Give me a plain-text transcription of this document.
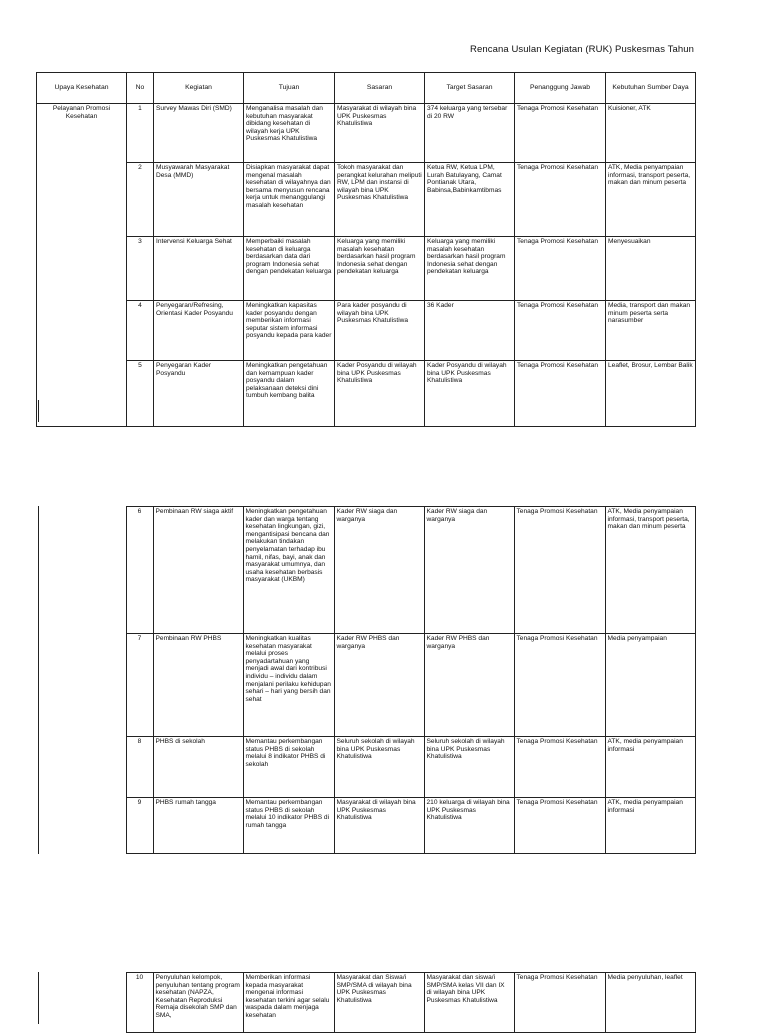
Rencana Usulan Kegiatan (RUK) Puskesmas Tahun
Upaya Kesehatan	No	Kegiatan	Tujuan	Sasaran	Target Sasaran	Penanggung Jawab	Kebutuhan Sumber Daya
Pelayanan Promosi Kesehatan	1	Survey Mawas Diri (SMD)	Menganalisa masalah dan kebutuhan masyarakat dibidang kesehatan di wilayah kerja UPK Puskesmas Khatulistiwa	Masyarakat di wilayah bina UPK Puskesmas Khatulistiwa	374 keluarga yang tersebar di 20 RW	Tenaga Promosi Kesehatan	Kuisioner, ATK
	2	Musyawarah Masyarakat Desa (MMD)	Disiapkan masyarakat dapat mengenal masalah kesehatan di wilayahnya dan bersama menyusun rencana kerja untuk menanggulangi masalah kesehatan	Tokoh masyarakat dan perangkat kelurahan meliputi RW, LPM dan instansi di wilayah bina UPK Puskesmas Khatulistiwa	Ketua RW, Ketua LPM, Lurah Batulayang, Camat Pontianak Utara, Babinsa,Babinkamtibmas	Tenaga Promosi Kesehatan	ATK, Media penyampaian informasi, transport peserta, makan dan minum peserta
	3	Intervensi Keluarga Sehat	Memperbaiki masalah kesehatan di keluarga berdasarkan data dari program Indonesia sehat dengan pendekatan keluarga	Keluarga yang memiliki masalah kesehatan berdasarkan hasil program Indonesia sehat dengan pendekatan keluarga	Keluarga yang memiliki masalah kesehatan berdasarkan hasil program Indonesia sehat dengan pendekatan keluarga	Tenaga Promosi Kesehatan	Menyesuaikan
	4	Penyegaran/Refresing, Orientasi Kader Posyandu	Meningkatkan kapasitas kader posyandu dengan memberikan informasi seputar sistem informasi posyandu kepada para kader	Para kader posyandu di wilayah bina UPK Puskesmas Khatulistiwa	36 Kader	Tenaga Promosi Kesehatan	Media, transport dan makan minum peserta serta narasumber
	5	Penyegaran Kader Posyandu	Meningkatkan pengetahuan dan kemampuan kader posyandu dalam pelaksanaan deteksi dini tumbuh kembang balita	Kader Posyandu di wilayah bina UPK Puskesmas Khatulistiwa	Kader Posyandu di wilayah bina UPK Puskesmas Khatulistiwa	Tenaga Promosi Kesehatan	Leaflet, Brosur, Lembar Balik
	6	Pembinaan RW siaga aktif	Meningkatkan pengetahuan kader dan warga tentang kesehatan lingkungan, gizi, mengantisipasi bencana dan melakukan tindakan penyelamatan terhadap ibu hamil, nifas, bayi, anak dan masyarakat umumnya, dan usaha kesehatan berbasis masyarakat (UKBM)	Kader RW siaga dan warganya	Kader RW siaga dan warganya	Tenaga Promosi Kesehatan	ATK, Media penyampaian informasi, transport peserta, makan dan minum peserta
	7	Pembinaan RW PHBS	Meningkatkan kualitas kesehatan masyarakat melalui proses penyadartahuan yang menjadi awal dari kontribusi individu – individu dalam menjalani perilaku kehidupan sehari – hari yang bersih dan sehat	Kader RW PHBS dan warganya	Kader RW PHBS dan warganya	Tenaga Promosi Kesehatan	Media penyampaian
	8	PHBS di sekolah	Memantau perkembangan status PHBS di sekolah melalui 8 indikator PHBS di sekolah	Seluruh sekolah di wilayah bina UPK Puskesmas Khatulistiwa	Seluruh sekolah di wilayah bina UPK Puskesmas Khatulistiwa	Tenaga Promosi Kesehatan	ATK, media penyampaian informasi
	9	PHBS rumah tangga	Memantau perkembangan status PHBS di sekolah melalui 10 indikator PHBS di rumah tangga	Masyarakat di wilayah bina UPK Puskesmas Khatulistiwa	210 keluarga di wilayah bina UPK Puskesmas Khatulistiwa	Tenaga Promosi Kesehatan	ATK, media penyampaian informasi
	10	Penyuluhan kelompok, penyuluhan tentang program kesehatan (NAPZA, Kesehatan Reproduksi Remaja disekolah SMP dan SMA,	Memberikan informasi kepada masyarakat mengenai informasi kesehatan terkini agar selalu waspada dalam menjaga kesehatan	Masyarakat dan Siswa/i SMP/SMA di wilayah bina UPK Puskesmas Khatulistiwa	Masyarakat dan siswa/i SMP/SMA kelas VII dan IX di wilayah bina UPK Puskesmas Khatulistiwa	Tenaga Promosi Kesehatan	Media penyuluhan, leaflet
